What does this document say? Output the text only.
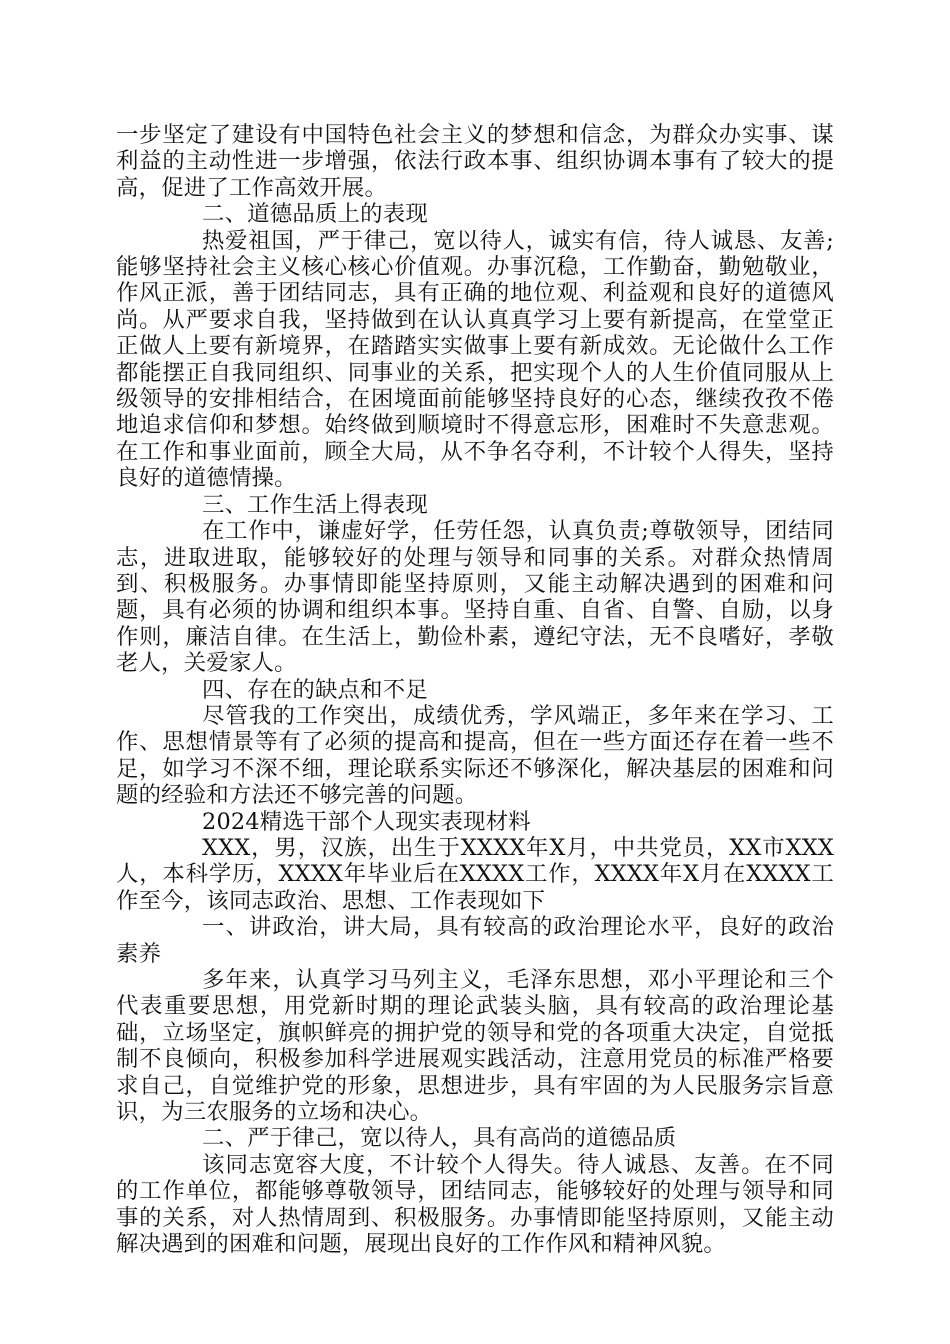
一步坚定了建设有中国特色社会主义的梦想和信念，为群众办实事、谋利益的主动性进一步增强，依法行政本事、组织协调本事有了较大的提高，促进了工作高效开展。

二、道德品质上的表现

热爱祖国，严于律己，宽以待人，诚实有信，待人诚恳、友善;能够坚持社会主义核心核心价值观。办事沉稳，工作勤奋，勤勉敬业，作风正派，善于团结同志，具有正确的地位观、利益观和良好的道德风尚。从严要求自我，坚持做到在认认真真学习上要有新提高，在堂堂正正做人上要有新境界，在踏踏实实做事上要有新成效。无论做什么工作都能摆正自我同组织、同事业的关系，把实现个人的人生价值同服从上级领导的安排相结合，在困境面前能够坚持良好的心态，继续孜孜不倦地追求信仰和梦想。始终做到顺境时不得意忘形，困难时不失意悲观。在工作和事业面前，顾全大局，从不争名夺利，不计较个人得失，坚持良好的道德情操。

三、工作生活上得表现

在工作中，谦虚好学，任劳任怨，认真负责;尊敬领导，团结同志，进取进取，能够较好的处理与领导和同事的关系。对群众热情周到、积极服务。办事情即能坚持原则，又能主动解决遇到的困难和问题，具有必须的协调和组织本事。坚持自重、自省、自警、自励，以身作则，廉洁自律。在生活上，勤俭朴素，遵纪守法，无不良嗜好，孝敬老人，关爱家人。

四、存在的缺点和不足

尽管我的工作突出，成绩优秀，学风端正，多年来在学习、工作、思想情景等有了必须的提高和提高，但在一些方面还存在着一些不足，如学习不深不细，理论联系实际还不够深化，解决基层的困难和问题的经验和方法还不够完善的问题。

2024精选干部个人现实表现材料

XXX，男，汉族，出生于XXXX年X月，中共党员，XX市XXX人，本科学历，XXXX年毕业后在XXXX工作，XXXX年X月在XXXX工作至今，该同志政治、思想、工作表现如下

一、讲政治，讲大局，具有较高的政治理论水平，良好的政治素养

多年来，认真学习马列主义，毛泽东思想，邓小平理论和三个代表重要思想，用党新时期的理论武装头脑，具有较高的政治理论基础，立场坚定，旗帜鲜亮的拥护党的领导和党的各项重大决定，自觉抵制不良倾向，积极参加科学进展观实践活动，注意用党员的标准严格要求自己，自觉维护党的形象，思想进步，具有牢固的为人民服务宗旨意识，为三农服务的立场和决心。

二、严于律己，宽以待人，具有高尚的道德品质

该同志宽容大度，不计较个人得失。待人诚恳、友善。在不同的工作单位，都能够尊敬领导，团结同志，能够较好的处理与领导和同事的关系，对人热情周到、积极服务。办事情即能坚持原则，又能主动解决遇到的困难和问题，展现出良好的工作作风和精神风貌。
